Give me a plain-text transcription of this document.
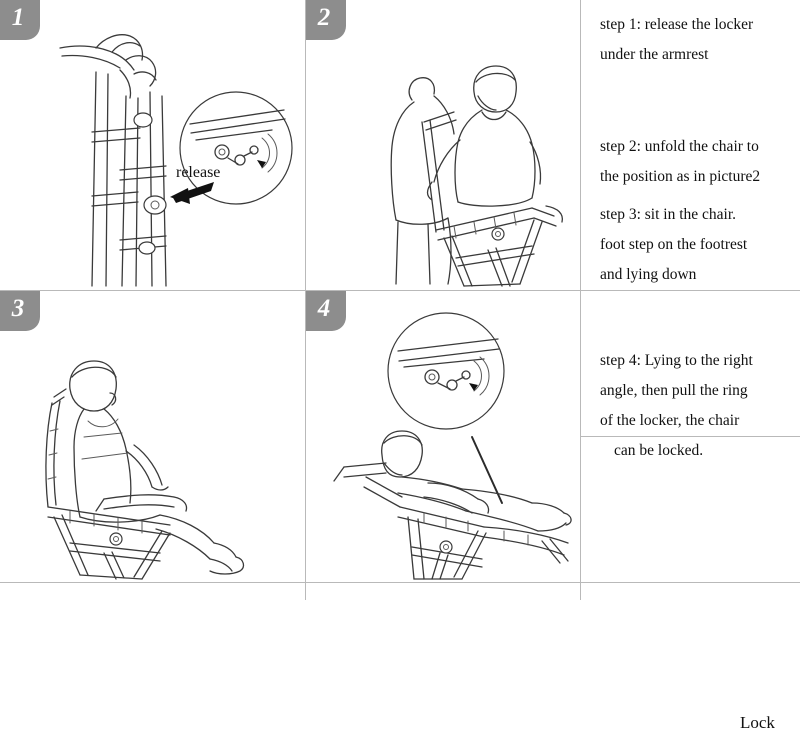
1
release
2
3	4
Lock
step 1: release the locker
under the armrest
step 2: unfold the chair to
the position as in picture2
step 3: sit in the chair.
foot step on the footrest
and lying down
step 4: Lying to the right
angle, then pull the ring
of the locker, the chair
can be locked.
